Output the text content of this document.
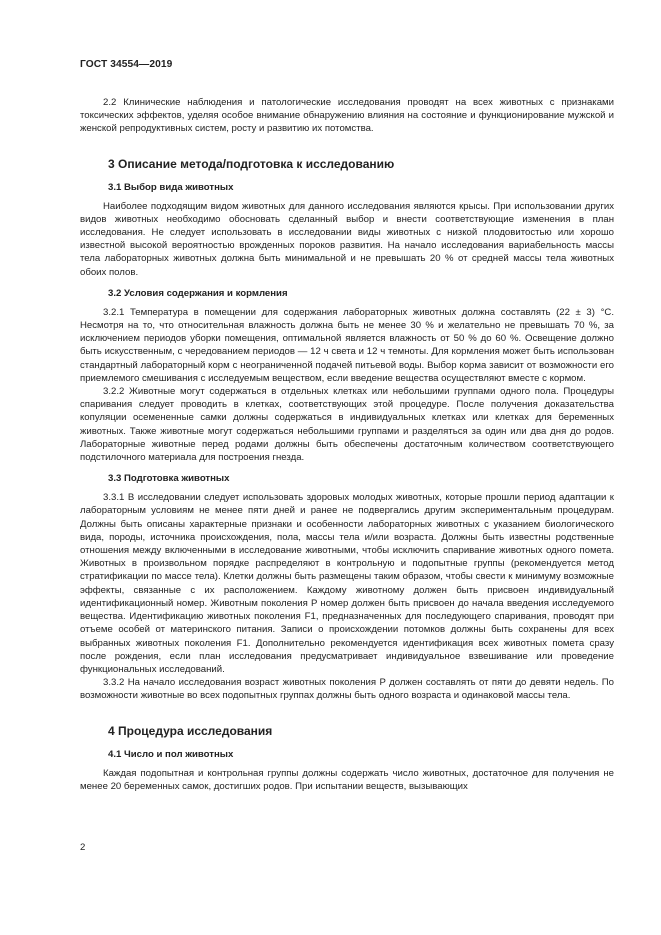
ГОСТ 34554—2019

2.2 Клинические наблюдения и патологические исследования проводят на всех животных с признаками токсических эффектов, уделяя особое внимание обнаружению влияния на состояние и функционирование мужской и женской репродуктивных систем, росту и развитию их потомства.

3 Описание метода/подготовка к исследованию
3.1 Выбор вида животных

Наиболее подходящим видом животных для данного исследования являются крысы. При использовании других видов животных необходимо обосновать сделанный выбор и внести соответствующие изменения в план исследования. Не следует использовать в исследовании виды животных с низкой плодовитостью или хорошо известной высокой вероятностью врожденных пороков развития. На начало исследования вариабельность массы тела лабораторных животных должна быть минимальной и не превышать 20 % от средней массы тела животных обоих полов.

3.2 Условия содержания и кормления

3.2.1 Температура в помещении для содержания лабораторных животных должна составлять (22 ± 3) °C. Несмотря на то, что относительная влажность должна быть не менее 30 % и желательно не превышать 70 %, за исключением периодов уборки помещения, оптимальной является влажность от 50 % до 60 %. Освещение должно быть искусственным, с чередованием периодов — 12 ч света и 12 ч темноты. Для кормления может быть использован стандартный лабораторный корм с неограниченной подачей питьевой воды. Выбор корма зависит от возможности его приемлемого смешивания с исследуемым веществом, если введение вещества осуществляют вместе с кормом.

3.2.2 Животные могут содержаться в отдельных клетках или небольшими группами одного пола. Процедуры спаривания следует проводить в клетках, соответствующих этой процедуре. После получения доказательства копуляции осемененные самки должны содержаться в индивидуальных клетках или клетках для беременных животных. Также животные могут содержаться небольшими группами и разделяться за один или два дня до родов. Лабораторные животные перед родами должны быть обеспечены достаточным количеством соответствующего подстилочного материала для построения гнезда.

3.3 Подготовка животных

3.3.1 В исследовании следует использовать здоровых молодых животных, которые прошли период адаптации к лабораторным условиям не менее пяти дней и ранее не подвергались другим экспериментальным процедурам. Должны быть описаны характерные признаки и особенности лабораторных животных с указанием биологического вида, породы, источника происхождения, пола, массы тела и/или возраста. Должны быть известны родственные отношения между включенными в исследование животными, чтобы исключить спаривание животных одного помета. Животных в произвольном порядке распределяют в контрольную и подопытные группы (рекомендуется метод стратификации по массе тела). Клетки должны быть размещены таким образом, чтобы свести к минимуму возможные эффекты, связанные с их расположением. Каждому животному должен быть присвоен индивидуальный идентификационный номер. Животным поколения P номер должен быть присвоен до начала введения исследуемого вещества. Идентификацию животных поколения F1, предназначенных для последующего спаривания, проводят при отъеме особей от материнского питания. Записи о происхождении потомков должны быть сохранены для всех выбранных животных поколения F1. Дополнительно рекомендуется идентификация всех животных помета сразу после рождения, если план исследования предусматривает индивидуальное взвешивание или проведение функциональных исследований.

3.3.2 На начало исследования возраст животных поколения P должен составлять от пяти до девяти недель. По возможности животные во всех подопытных группах должны быть одного возраста и одинаковой массы тела.

4 Процедура исследования
4.1 Число и пол животных

Каждая подопытная и контрольная группы должны содержать число животных, достаточное для получения не менее 20 беременных самок, достигших родов. При испытании веществ, вызывающих

2
